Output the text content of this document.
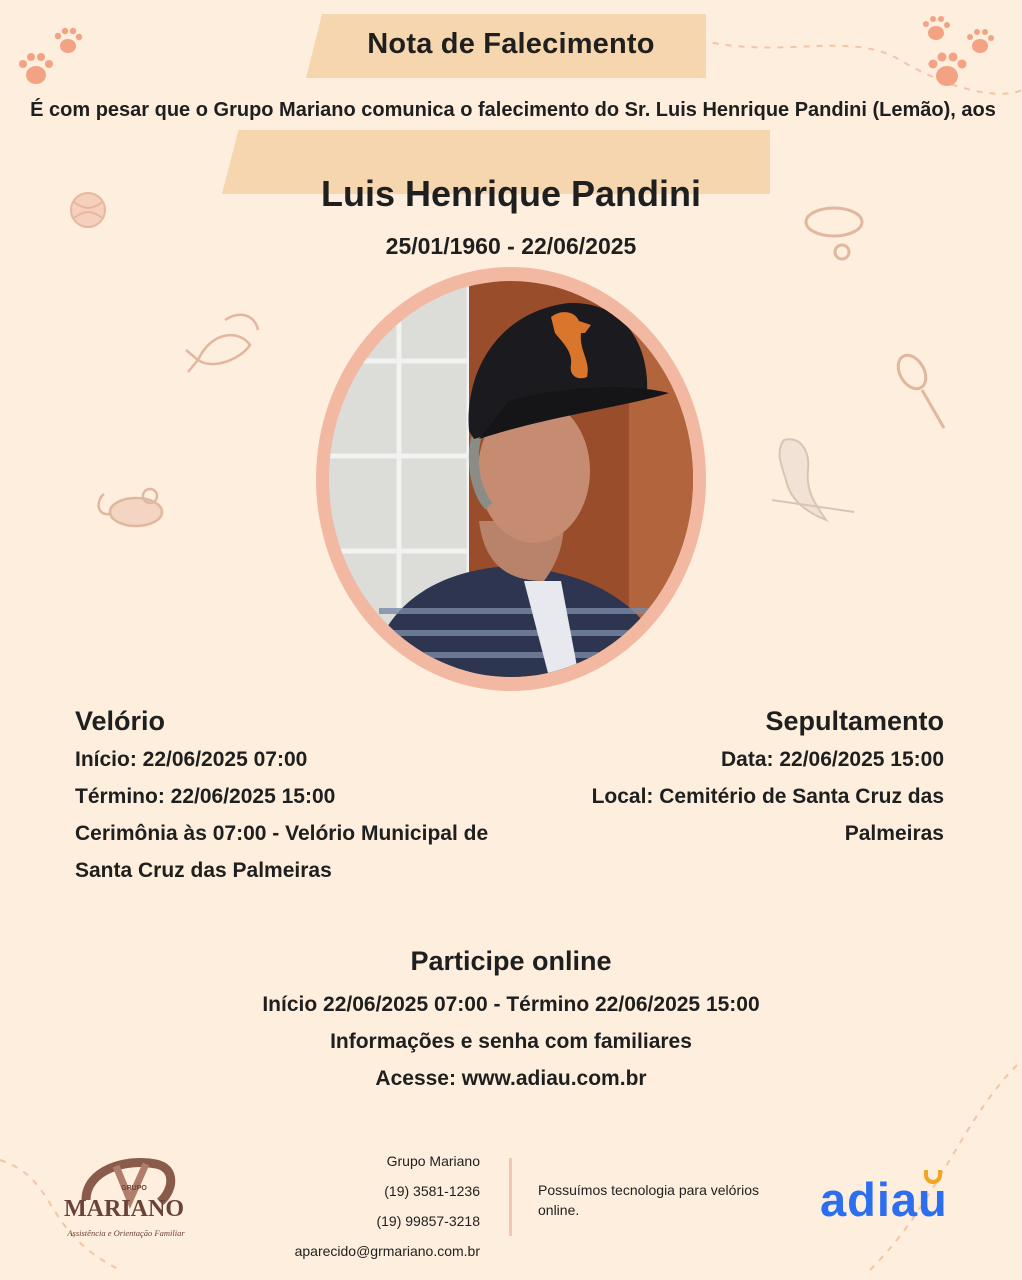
Nota de Falecimento
É com pesar que o Grupo Mariano comunica o falecimento do Sr. Luis Henrique Pandini (Lemão), aos
Luis Henrique Pandini
25/01/1960 - 22/06/2025
Velório
Início: 22/06/2025 07:00
Término: 22/06/2025 15:00
Cerimônia às 07:00 - Velório Municipal de Santa Cruz das Palmeiras
Sepultamento
Data: 22/06/2025 15:00
Local: Cemitério de Santa Cruz das Palmeiras
Participe online

Início 22/06/2025 07:00 - Término 22/06/2025 15:00

Informações e senha com familiares

Acesse: www.adiau.com.br

GRUPO
MARIANO
Assistência e Orientação Familiar
Grupo Mariano
(19) 3581-1236
(19) 99857-3218
aparecido@grmariano.com.br
Possuímos tecnologia para velórios online.	adiau
